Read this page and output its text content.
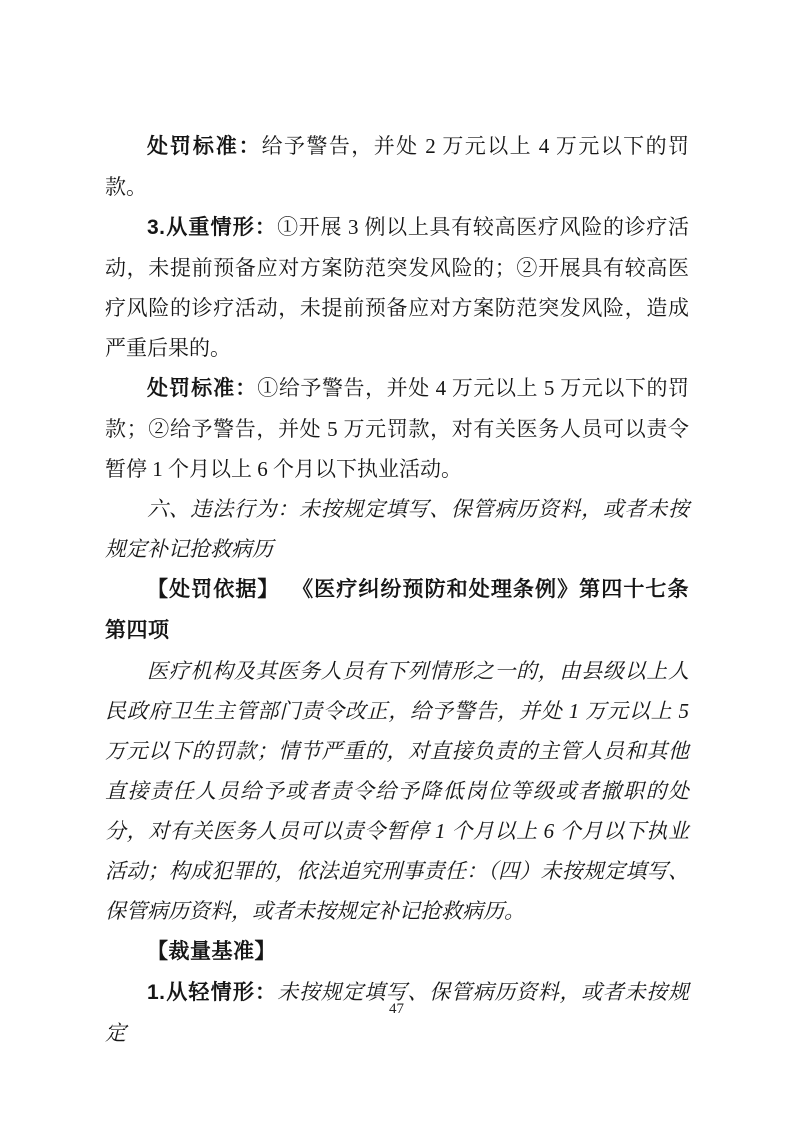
处罚标准：给予警告，并处 2 万元以上 4 万元以下的罚款。

3.从重情形：①开展 3 例以上具有较高医疗风险的诊疗活动，未提前预备应对方案防范突发风险的；②开展具有较高医疗风险的诊疗活动，未提前预备应对方案防范突发风险，造成严重后果的。

处罚标准：①给予警告，并处 4 万元以上 5 万元以下的罚款；②给予警告，并处 5 万元罚款，对有关医务人员可以责令暂停 1 个月以上 6 个月以下执业活动。

六、违法行为：未按规定填写、保管病历资料，或者未按规定补记抢救病历

【处罚依据】 《医疗纠纷预防和处理条例》第四十七条第四项

医疗机构及其医务人员有下列情形之一的，由县级以上人民政府卫生主管部门责令改正，给予警告，并处 1 万元以上 5 万元以下的罚款；情节严重的，对直接负责的主管人员和其他直接责任人员给予或者责令给予降低岗位等级或者撤职的处分，对有关医务人员可以责令暂停 1 个月以上 6 个月以下执业活动；构成犯罪的，依法追究刑事责任：（四）未按规定填写、保管病历资料，或者未按规定补记抢救病历。

【裁量基准】

1.从轻情形：未按规定填写、保管病历资料，或者未按规定

47
